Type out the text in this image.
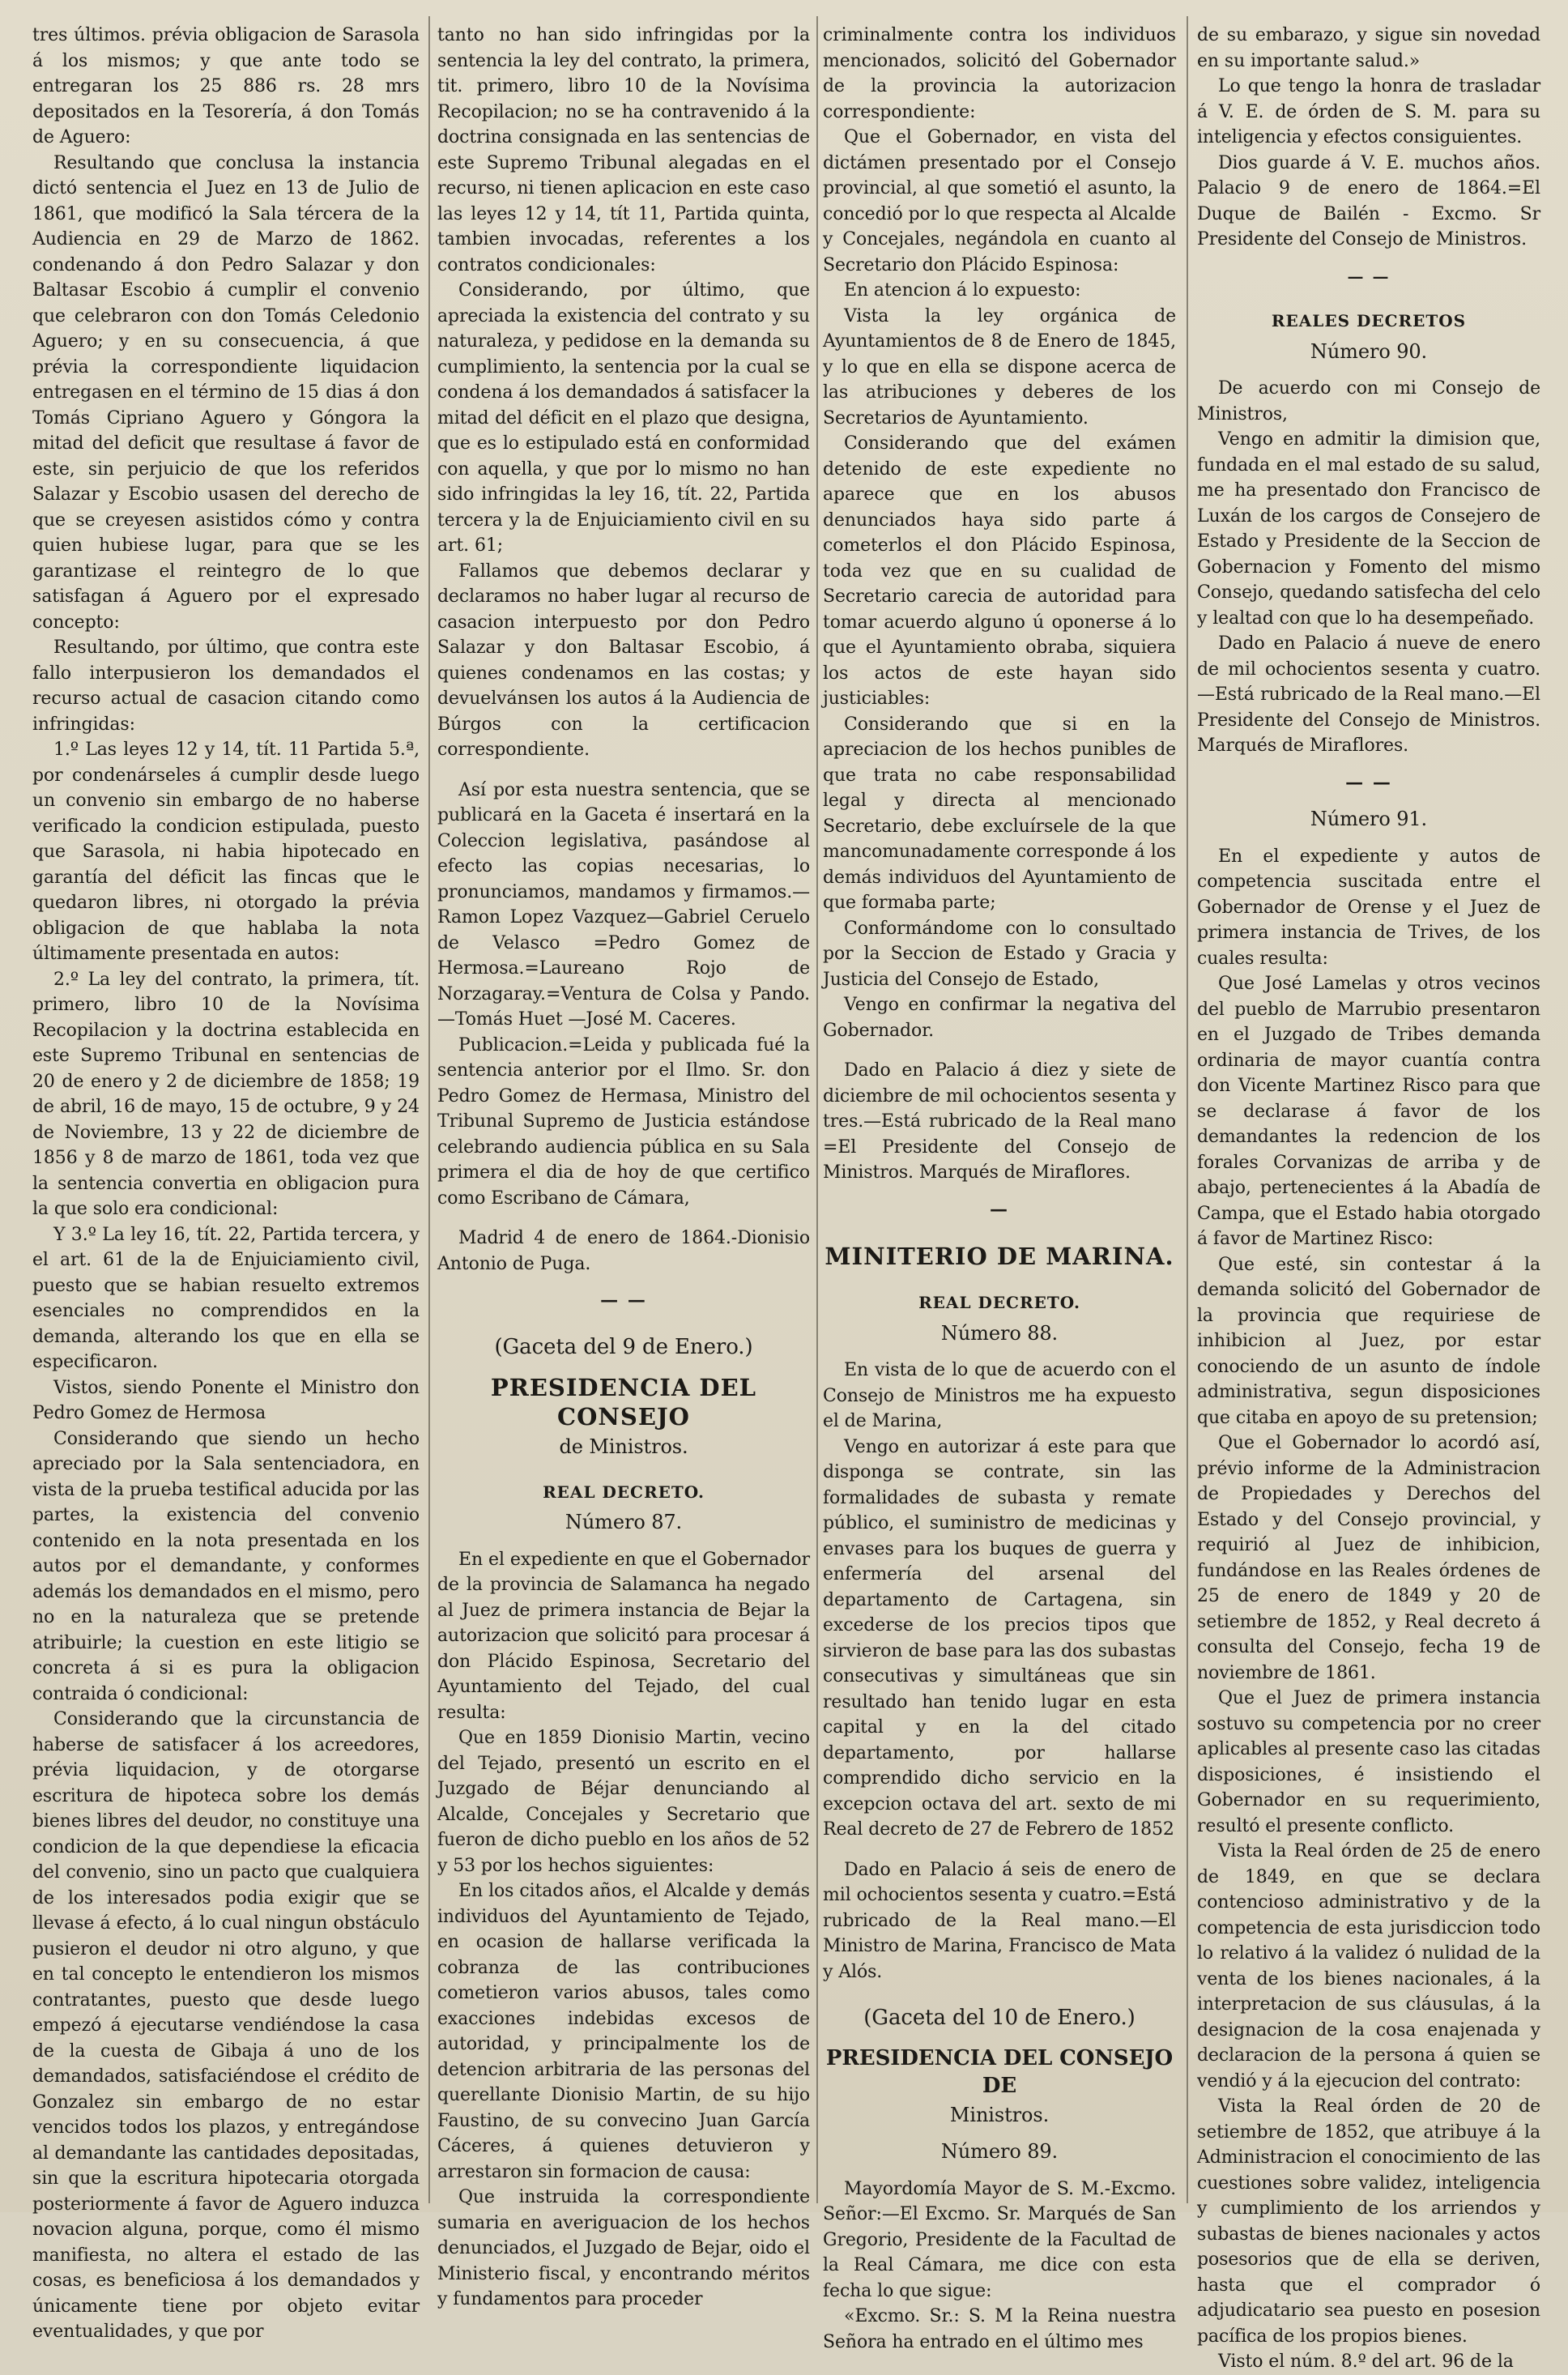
tres últimos. prévia obligacion de Sarasola á los mismos; y que ante todo se entregaran los 25 886 rs. 28 mrs depositados en la Tesorería, á don Tomás de Aguero:

Resultando que conclusa la instancia dictó sentencia el Juez en 13 de Julio de 1861, que modificó la Sala tércera de la Audiencia en 29 de Marzo de 1862. condenando á don Pedro Salazar y don Baltasar Escobio á cumplir el convenio que celebraron con don Tomás Celedonio Aguero; y en su consecuencia, á que prévia la correspondiente liquidacion entregasen en el término de 15 dias á don Tomás Cipriano Aguero y Góngora la mitad del deficit que resultase á favor de este, sin perjuicio de que los referidos Salazar y Escobio usasen del derecho de que se creyesen asistidos cómo y contra quien hubiese lugar, para que se les garantizase el reintegro de lo que satisfagan á Aguero por el expresado concepto:

Resultando, por último, que contra este fallo interpusieron los demandados el recurso actual de casacion citando como infringidas:

1.º Las leyes 12 y 14, tít. 11 Partida 5.ª, por condenárseles á cumplir desde luego un convenio sin embargo de no haberse verificado la condicion estipulada, puesto que Sarasola, ni habia hipotecado en garantía del déficit las fincas que le quedaron libres, ni otorgado la prévia obligacion de que hablaba la nota últimamente presentada en autos:

2.º La ley del contrato, la primera, tít. primero, libro 10 de la Novísima Recopilacion y la doctrina establecida en este Supremo Tribunal en sentencias de 20 de enero y 2 de diciembre de 1858; 19 de abril, 16 de mayo, 15 de octubre, 9 y 24 de Noviembre, 13 y 22 de diciembre de 1856 y 8 de marzo de 1861, toda vez que la sentencia convertia en obligacion pura la que solo era condicional:

Y 3.º La ley 16, tít. 22, Partida tercera, y el art. 61 de la de Enjuiciamiento civil, puesto que se habian resuelto extremos esenciales no comprendidos en la demanda, alterando los que en ella se especificaron.

Vistos, siendo Ponente el Ministro don Pedro Gomez de Hermosa

Considerando que siendo un hecho apreciado por la Sala sentenciadora, en vista de la prueba testifical aducida por las partes, la existencia del convenio contenido en la nota presentada en los autos por el demandante, y conformes además los demandados en el mismo, pero no en la naturaleza que se pretende atribuirle; la cuestion en este litigio se concreta á si es pura la obligacion contraida ó condicional:

Considerando que la circunstancia de haberse de satisfacer á los acreedores, prévia liquidacion, y de otorgarse escritura de hipoteca sobre los demás bienes libres del deudor, no constituye una condicion de la que dependiese la eficacia del convenio, sino un pacto que cualquiera de los interesados podia exigir que se llevase á efecto, á lo cual ningun obstáculo pusieron el deudor ni otro alguno, y que en tal concepto le entendieron los mismos contratantes, puesto que desde luego empezó á ejecutarse vendiéndose la casa de la cuesta de Gibaja á uno de los demandados, satisfaciéndose el crédito de Gonzalez sin embargo de no estar vencidos todos los plazos, y entregándose al demandante las cantidades depositadas, sin que la escritura hipotecaria otorgada posteriormente á favor de Aguero induzca novacion alguna, porque, como él mismo manifiesta, no altera el estado de las cosas, es beneficiosa á los demandados y únicamente tiene por objeto evitar eventualidades, y que por

tanto no han sido infringidas por la sentencia la ley del contrato, la primera, tit. primero, libro 10 de la Novísima Recopilacion; no se ha contravenido á la doctrina consignada en las sentencias de este Supremo Tribunal alegadas en el recurso, ni tienen aplicacion en este caso las leyes 12 y 14, tít 11, Partida quinta, tambien invocadas, referentes a los contratos condicionales:

Considerando, por último, que apreciada la existencia del contrato y su naturaleza, y pedidose en la demanda su cumplimiento, la sentencia por la cual se condena á los demandados á satisfacer la mitad del déficit en el plazo que designa, que es lo estipulado está en conformidad con aquella, y que por lo mismo no han sido infringidas la ley 16, tít. 22, Partida tercera y la de Enjuiciamiento civil en su art. 61;

Fallamos que debemos declarar y declaramos no haber lugar al recurso de casacion interpuesto por don Pedro Salazar y don Baltasar Escobio, á quienes condenamos en las costas; y devuelvánsen los autos á la Audiencia de Búrgos con la certificacion correspondiente.

Así por esta nuestra sentencia, que se publicará en la Gaceta é insertará en la Coleccion legislativa, pasándose al efecto las copias necesarias, lo pronunciamos, mandamos y firmamos.—Ramon Lopez Vazquez—Gabriel Ceruelo de Velasco =Pedro Gomez de Hermosa.=Laureano Rojo de Norzagaray.=Ventura de Colsa y Pando.—Tomás Huet —José M. Caceres.

Publicacion.=Leida y publicada fué la sentencia anterior por el Ilmo. Sr. don Pedro Gomez de Hermasa, Ministro del Tribunal Supremo de Justicia estándose celebrando audiencia pública en su Sala primera el dia de hoy de que certifico como Escribano de Cámara,

Madrid 4 de enero de 1864.-Dionisio Antonio de Puga.

— —
(Gaceta del 9 de Enero.)
PRESIDENCIA DEL CONSEJO
de Ministros.
REAL DECRETO.
Número 87.

En el expediente en que el Gobernador de la provincia de Salamanca ha negado al Juez de primera instancia de Bejar la autorizacion que solicitó para procesar á don Plácido Espinosa, Secretario del Ayuntamiento del Tejado, del cual resulta:

Que en 1859 Dionisio Martin, vecino del Tejado, presentó un escrito en el Juzgado de Béjar denunciando al Alcalde, Concejales y Secretario que fueron de dicho pueblo en los años de 52 y 53 por los hechos siguientes:

En los citados años, el Alcalde y demás individuos del Ayuntamiento de Tejado, en ocasion de hallarse verificada la cobranza de las contribuciones cometieron varios abusos, tales como exacciones indebidas excesos de autoridad, y principalmente los de detencion arbitraria de las personas del querellante Dionisio Martin, de su hijo Faustino, de su convecino Juan García Cáceres, á quienes detuvieron y arrestaron sin formacion de causa:

Que instruida la correspondiente sumaria en averiguacion de los hechos denunciados, el Juzgado de Bejar, oido el Ministerio fiscal, y encontrando méritos y fundamentos para proceder

criminalmente contra los individuos mencionados, solicitó del Gobernador de la provincia la autorizacion correspondiente:

Que el Gobernador, en vista del dictámen presentado por el Consejo provincial, al que sometió el asunto, la concedió por lo que respecta al Alcalde y Concejales, negándola en cuanto al Secretario don Plácido Espinosa:

En atencion á lo expuesto:

Vista la ley orgánica de Ayuntamientos de 8 de Enero de 1845, y lo que en ella se dispone acerca de las atribuciones y deberes de los Secretarios de Ayuntamiento.

Considerando que del exámen detenido de este expediente no aparece que en los abusos denunciados haya sido parte á cometerlos el don Plácido Espinosa, toda vez que en su cualidad de Secretario carecia de autoridad para tomar acuerdo alguno ú oponerse á lo que el Ayuntamiento obraba, siquiera los actos de este hayan sido justiciables:

Considerando que si en la apreciacion de los hechos punibles de que trata no cabe responsabilidad legal y directa al mencionado Secretario, debe excluírsele de la que mancomunadamente corresponde á los demás individuos del Ayuntamiento de que formaba parte;

Conformándome con lo consultado por la Seccion de Estado y Gracia y Justicia del Consejo de Estado,

Vengo en confirmar la negativa del Gobernador.

Dado en Palacio á diez y siete de diciembre de mil ochocientos sesenta y tres.—Está rubricado de la Real mano =El Presidente del Consejo de Ministros. Marqués de Miraflores.

—
MINITERIO DE MARINA.
REAL DECRETO.
Número 88.

En vista de lo que de acuerdo con el Consejo de Ministros me ha expuesto el de Marina,

Vengo en autorizar á este para que disponga se contrate, sin las formalidades de subasta y remate público, el suministro de medicinas y envases para los buques de guerra y enfermería del arsenal del departamento de Cartagena, sin excederse de los precios tipos que sirvieron de base para las dos subastas consecutivas y simultáneas que sin resultado han tenido lugar en esta capital y en la del citado departamento, por hallarse comprendido dicho servicio en la excepcion octava del art. sexto de mi Real decreto de 27 de Febrero de 1852

Dado en Palacio á seis de enero de mil ochocientos sesenta y cuatro.=Está rubricado de la Real mano.—El Ministro de Marina, Francisco de Mata y Alós.

(Gaceta del 10 de Enero.)
PRESIDENCIA DEL CONSEJO DE
Ministros.
Número 89.

Mayordomía Mayor de S. M.-Excmo. Señor:—El Excmo. Sr. Marqués de San Gregorio, Presidente de la Facultad de la Real Cámara, me dice con esta fecha lo que sigue:

«Excmo. Sr.: S. M la Reina nuestra Señora ha entrado en el último mes

de su embarazo, y sigue sin novedad en su importante salud.»

Lo que tengo la honra de trasladar á V. E. de órden de S. M. para su inteligencia y efectos consiguientes.

Dios guarde á V. E. muchos años. Palacio 9 de enero de 1864.=El Duque de Bailén - Excmo. Sr Presidente del Consejo de Ministros.

— —
REALES DECRETOS
Número 90.

De acuerdo con mi Consejo de Ministros,

Vengo en admitir la dimision que, fundada en el mal estado de su salud, me ha presentado don Francisco de Luxán de los cargos de Consejero de Estado y Presidente de la Seccion de Gobernacion y Fomento del mismo Consejo, quedando satisfecha del celo y lealtad con que lo ha desempeñado.

Dado en Palacio á nueve de enero de mil ochocientos sesenta y cuatro.—Está rubricado de la Real mano.—El Presidente del Consejo de Ministros. Marqués de Miraflores.

— —
Número 91.

En el expediente y autos de competencia suscitada entre el Gobernador de Orense y el Juez de primera instancia de Trives, de los cuales resulta:

Que José Lamelas y otros vecinos del pueblo de Marrubio presentaron en el Juzgado de Tribes demanda ordinaria de mayor cuantía contra don Vicente Martinez Risco para que se declarase á favor de los demandantes la redencion de los forales Corvanizas de arriba y de abajo, pertenecientes á la Abadía de Campa, que el Estado habia otorgado á favor de Martinez Risco:

Que esté, sin contestar á la demanda solicitó del Gobernador de la provincia que requiriese de inhibicion al Juez, por estar conociendo de un asunto de índole administrativa, segun disposiciones que citaba en apoyo de su pretension;

Que el Gobernador lo acordó así, prévio informe de la Administracion de Propiedades y Derechos del Estado y del Consejo provincial, y requirió al Juez de inhibicion, fundándose en las Reales órdenes de 25 de enero de 1849 y 20 de setiembre de 1852, y Real decreto á consulta del Consejo, fecha 19 de noviembre de 1861.

Que el Juez de primera instancia sostuvo su competencia por no creer aplicables al presente caso las citadas disposiciones, é insistiendo el Gobernador en su requerimiento, resultó el presente conflicto.

Vista la Real órden de 25 de enero de 1849, en que se declara contencioso administrativo y de la competencia de esta jurisdiccion todo lo relativo á la validez ó nulidad de la venta de los bienes nacionales, á la interpretacion de sus cláusulas, á la designacion de la cosa enajenada y declaracion de la persona á quien se vendió y á la ejecucion del contrato:

Vista la Real órden de 20 de setiembre de 1852, que atribuye á la Administracion el conocimiento de las cuestiones sobre validez, inteligencia y cumplimiento de los arriendos y subastas de bienes nacionales y actos posesorios que de ella se deriven, hasta que el comprador ó adjudicatario sea puesto en posesion pacífica de los propios bienes.

Visto el núm. 8.º del art. 96 de la
